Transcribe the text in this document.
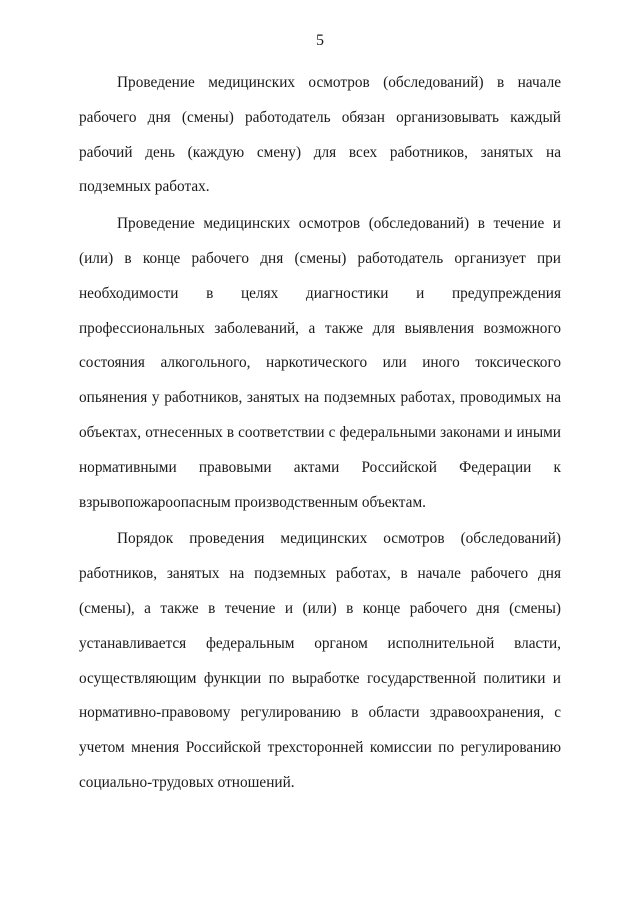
5

Проведение медицинских осмотров (обследований) в начале рабочего дня (смены) работодатель обязан организовывать каждый рабочий день (каждую смену) для всех работников, занятых на подземных работах.

Проведение медицинских осмотров (обследований) в течение и (или) в конце рабочего дня (смены) работодатель организует при необходимости в целях диагностики и предупреждения профессиональных заболеваний, а также для выявления возможного состояния алкогольного, наркотического или иного токсического опьянения у работников, занятых на подземных работах, проводимых на объектах, отнесенных в соответствии с федеральными законами и иными нормативными правовыми актами Российской Федерации к взрывопожароопасным производственным объектам.

Порядок проведения медицинских осмотров (обследований) работников, занятых на подземных работах, в начале рабочего дня (смены), а также в течение и (или) в конце рабочего дня (смены) устанавливается федеральным органом исполнительной власти, осуществляющим функции по выработке государственной политики и нормативно-правовому регулированию в области здравоохранения, с учетом мнения Российской трехсторонней комиссии по регулированию социально-трудовых отношений.
